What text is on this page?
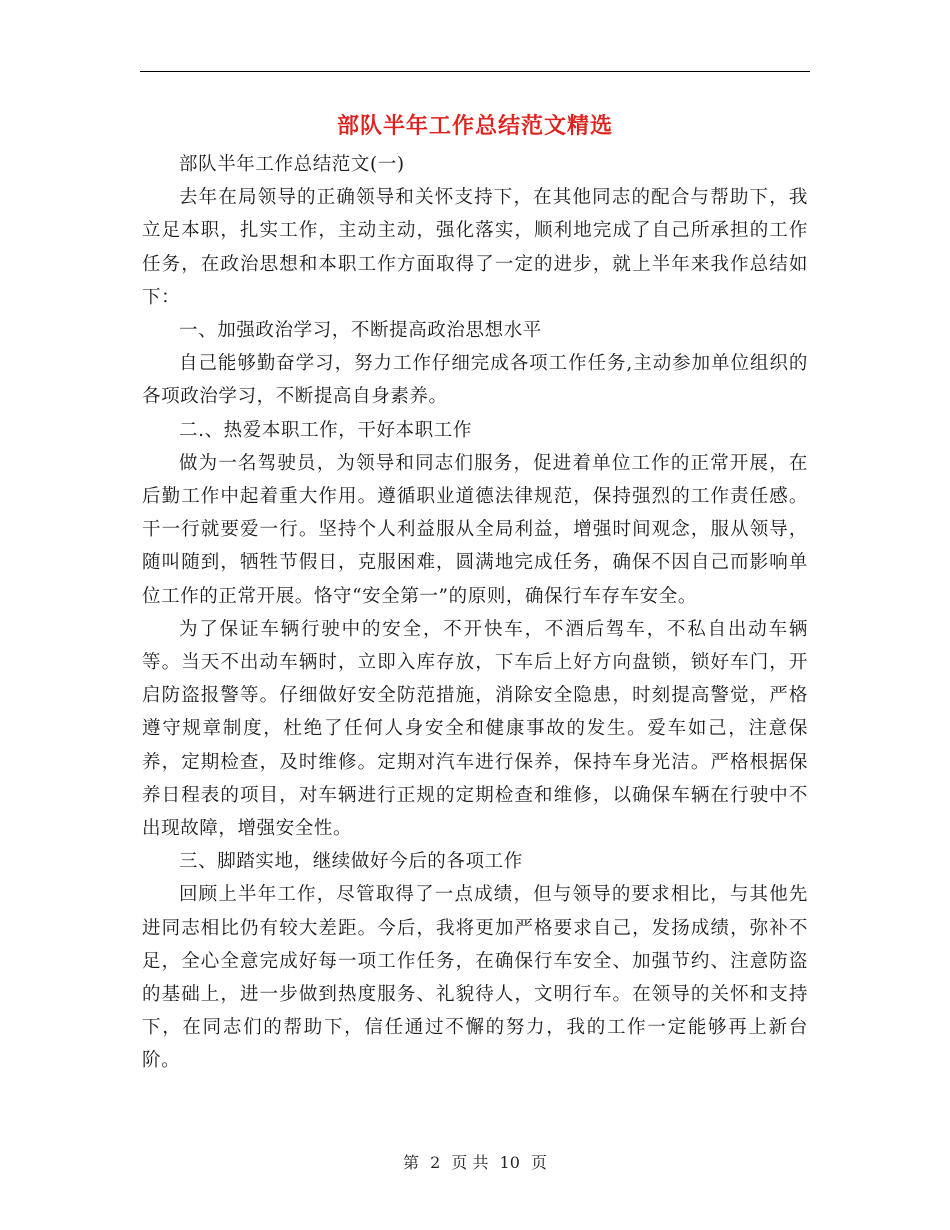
部队半年工作总结范文精选

部队半年工作总结范文(一)

去年在局领导的正确领导和关怀支持下，在其他同志的配合与帮助下，我立足本职，扎实工作，主动主动，强化落实，顺利地完成了自己所承担的工作任务，在政治思想和本职工作方面取得了一定的进步，就上半年来我作总结如下：

一、加强政治学习，不断提高政治思想水平

自己能够勤奋学习，努力工作仔细完成各项工作任务,主动参加单位组织的各项政治学习，不断提高自身素养。

二.、热爱本职工作，干好本职工作

做为一名驾驶员，为领导和同志们服务，促进着单位工作的正常开展，在后勤工作中起着重大作用。遵循职业道德法律规范，保持强烈的工作责任感。干一行就要爱一行。坚持个人利益服从全局利益，增强时间观念，服从领导，随叫随到，牺牲节假日，克服困难，圆满地完成任务，确保不因自己而影响单位工作的正常开展。恪守“安全第一”的原则，确保行车存车安全。

为了保证车辆行驶中的安全，不开快车，不酒后驾车，不私自出动车辆等。当天不出动车辆时，立即入库存放，下车后上好方向盘锁，锁好车门，开启防盗报警等。仔细做好安全防范措施，消除安全隐患，时刻提高警觉，严格遵守规章制度，杜绝了任何人身安全和健康事故的发生。爱车如己，注意保养，定期检查，及时维修。定期对汽车进行保养，保持车身光洁。严格根据保养日程表的项目，对车辆进行正规的定期检查和维修，以确保车辆在行驶中不出现故障，增强安全性。

三、脚踏实地，继续做好今后的各项工作

回顾上半年工作，尽管取得了一点成绩，但与领导的要求相比，与其他先进同志相比仍有较大差距。今后，我将更加严格要求自己，发扬成绩，弥补不足，全心全意完成好每一项工作任务，在确保行车安全、加强节约、注意防盗的基础上，进一步做到热度服务、礼貌待人，文明行车。在领导的关怀和支持下，在同志们的帮助下，信任通过不懈的努力，我的工作一定能够再上新台阶。

第 2 页 共 10 页
